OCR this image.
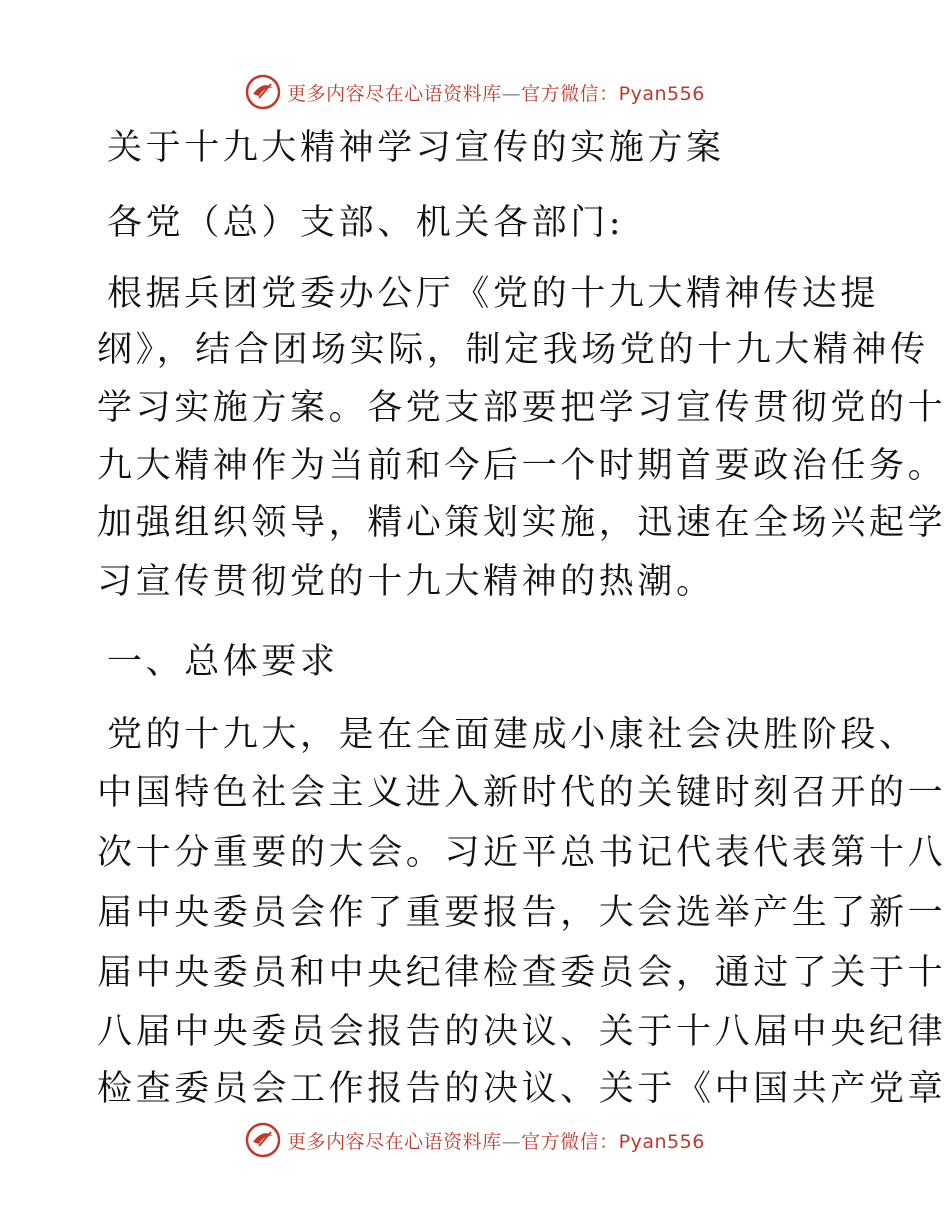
更多内容尽在心语资料库—官方微信：Pyan556
关于十九大精神学习宣传的实施方案
各党（总）支部、机关各部门:
根据兵团党委办公厅《党的十九大精神传达提
纲》，结合团场实际，制定我场党的十九大精神传
学习实施方案。各党支部要把学习宣传贯彻党的十
九大精神作为当前和今后一个时期首要政治任务。
加强组织领导，精心策划实施，迅速在全场兴起学
习宣传贯彻党的十九大精神的热潮。
一、总体要求
党的十九大，是在全面建成小康社会决胜阶段、
中国特色社会主义进入新时代的关键时刻召开的一
次十分重要的大会。习近平总书记代表代表第十八
届中央委员会作了重要报告，大会选举产生了新一
届中央委员和中央纪律检查委员会，通过了关于十
八届中央委员会报告的决议、关于十八届中央纪律
检查委员会工作报告的决议、关于《中国共产党章
更多内容尽在心语资料库—官方微信：Pyan556
